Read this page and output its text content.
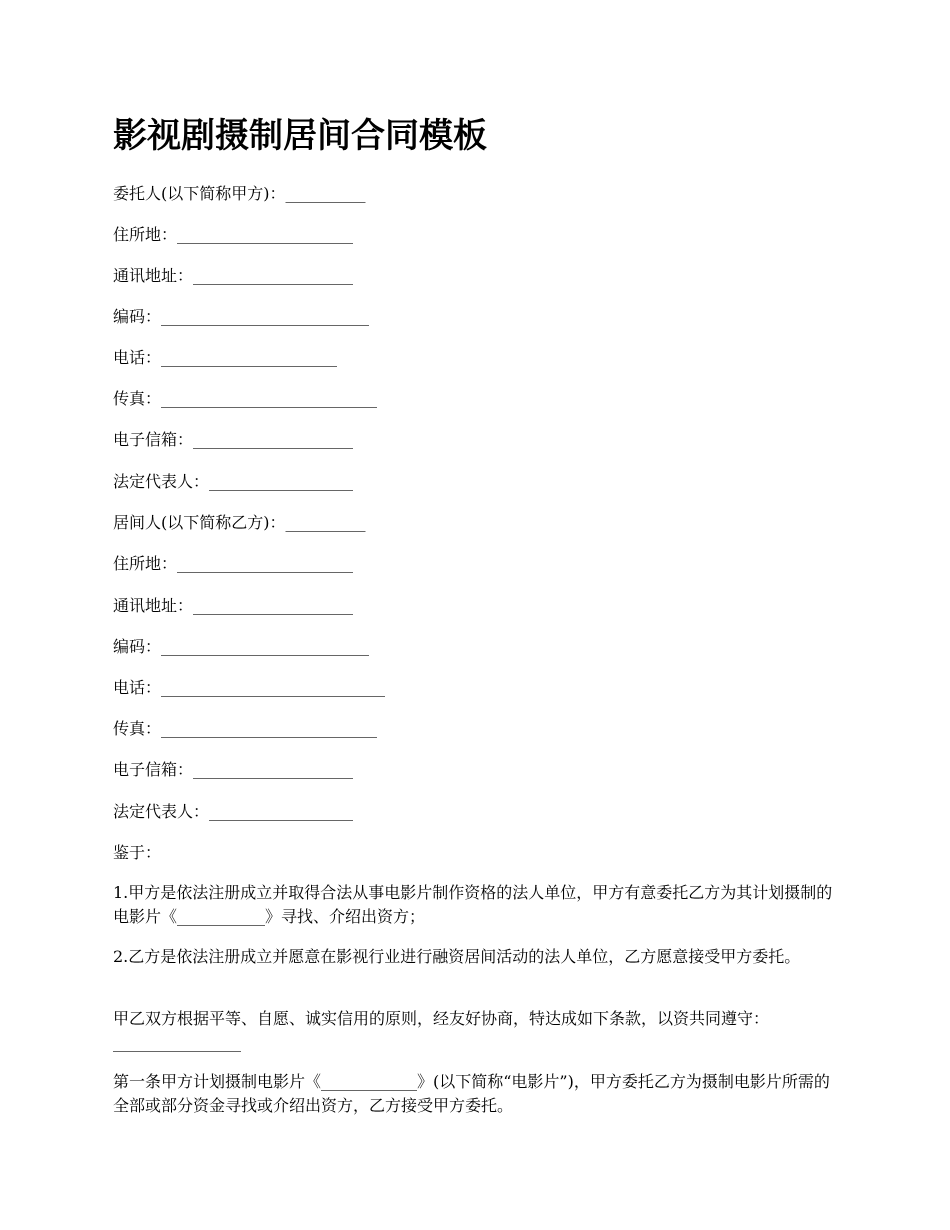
影视剧摄制居间合同模板

委托人(以下简称甲方)：__________

住所地：______________________

通讯地址：____________________

编码：__________________________

电话：______________________

传真：___________________________

电子信箱：____________________

法定代表人：__________________

居间人(以下简称乙方)：__________

住所地：______________________

通讯地址：____________________

编码：__________________________

电话：____________________________

传真：___________________________

电子信箱：____________________

法定代表人：__________________

鉴于：

1.甲方是依法注册成立并取得合法从事电影片制作资格的法人单位，甲方有意委托乙方为其计划摄制的电影片《___________》寻找、介绍出资方；

2.乙方是依法注册成立并愿意在影视行业进行融资居间活动的法人单位，乙方愿意接受甲方委托。

甲乙双方根据平等、自愿、诚实信用的原则，经友好协商，特达成如下条款，以资共同遵守：________________

第一条甲方计划摄制电影片《____________》(以下简称“电影片”)，甲方委托乙方为摄制电影片所需的全部或部分资金寻找或介绍出资方，乙方接受甲方委托。
